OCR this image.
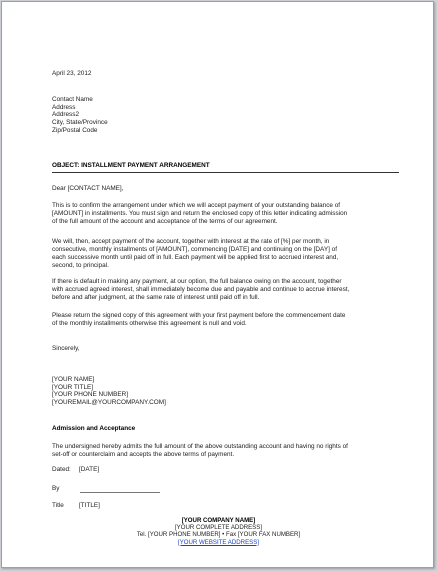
April 23, 2012
Contact Name
Address
Address2
City, State/Province
Zip/Postal Code
OBJECT: INSTALLMENT PAYMENT ARRANGEMENT
Dear [CONTACT NAME],
This is to confirm the arrangement under which we will accept payment of your outstanding balance of
[AMOUNT] in installments. You must sign and return the enclosed copy of this letter indicating admission
of the full amount of the account and acceptance of the terms of our agreement.
We will, then, accept payment of the account, together with interest at the rate of [%] per month, in
consecutive, monthly installments of [AMOUNT], commencing [DATE] and continuing on the [DAY] of
each successive month until paid off in full. Each payment will be applied first to accrued interest and,
second, to principal.
If there is default in making any payment, at our option, the full balance owing on the account, together
with accrued agreed interest, shall immediately become due and payable and continue to accrue interest,
before and after judgment, at the same rate of interest until paid off in full.
Please return the signed copy of this agreement with your first payment before the commencement date
of the monthly installments otherwise this agreement is null and void.
Sincerely,
[YOUR NAME]
[YOUR TITLE]
[YOUR PHONE NUMBER]
[YOUREMAIL@YOURCOMPANY.COM]
Admission and Acceptance
The undersigned hereby admits the full amount of the above outstanding account and having no rights of
set-off or counterclaim and accepts the above terms of payment.
Dated: [DATE]
By
Title [TITLE]
[YOUR COMPANY NAME]
[YOUR COMPLETE ADDRESS]
Tel. [YOUR PHONE NUMBER] • Fax [YOUR FAX NUMBER]
[YOUR WEBSITE ADDRESS]
